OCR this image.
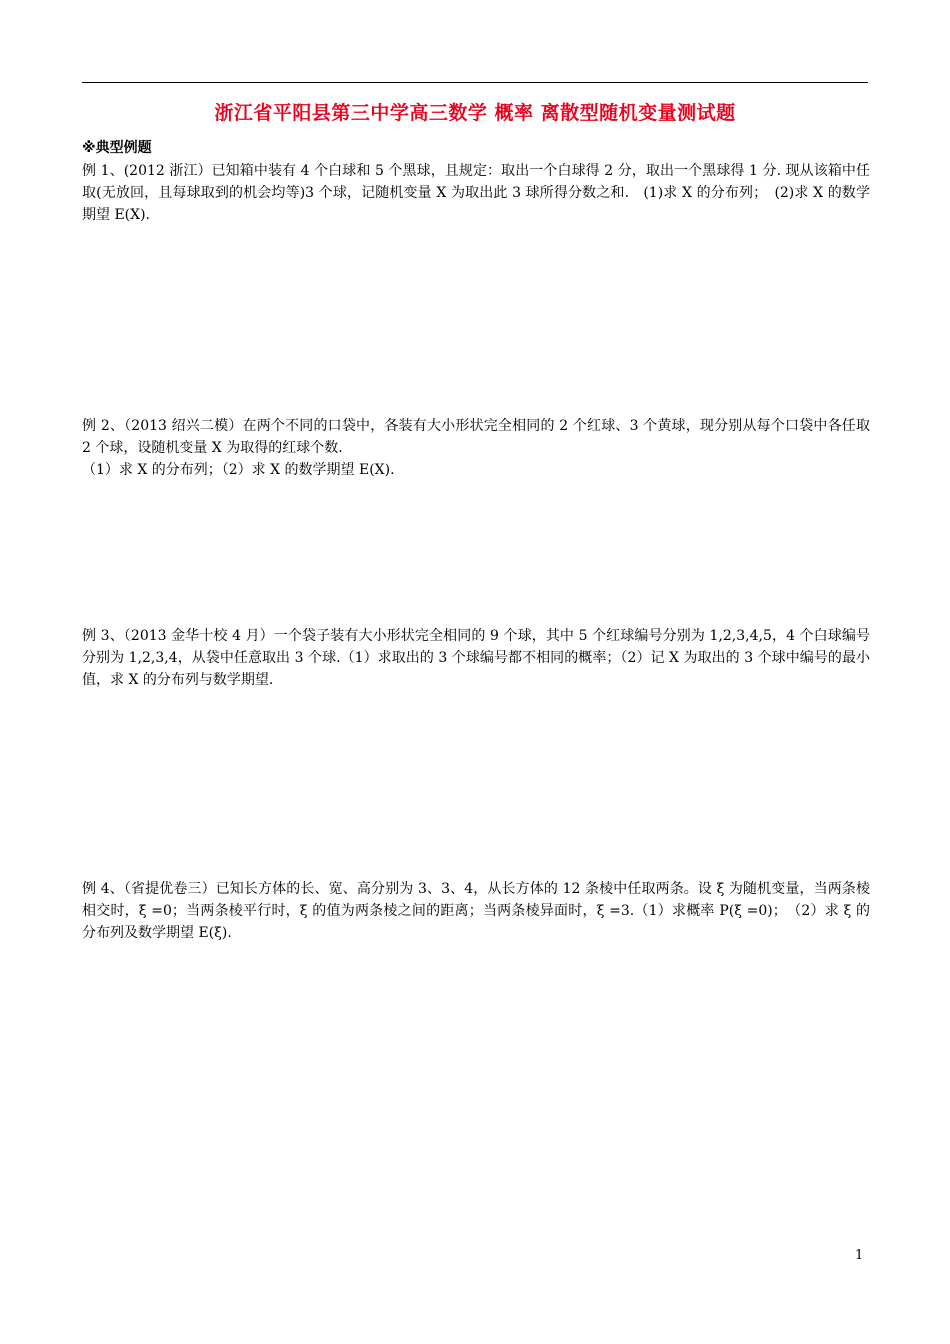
浙江省平阳县第三中学高三数学 概率 离散型随机变量测试题
※典型例题

例 1、(2012 浙江）已知箱中装有 4 个白球和 5 个黑球，且规定：取出一个白球得 2 分，取出一个黑球得 1 分. 现从该箱中任取(无放回，且每球取到的机会均等)3 个球，记随机变量 X 为取出此 3 球所得分数之和.　(1)求 X 的分布列；　(2)求 X 的数学期望 E(X).

例 2、（2013 绍兴二模）在两个不同的口袋中，各装有大小形状完全相同的 2 个红球、3 个黄球，现分别从每个口袋中各任取 2 个球，设随机变量 X 为取得的红球个数.

（1）求 X 的分布列；（2）求 X 的数学期望 E(X).

例 3、（2013 金华十校 4 月）一个袋子装有大小形状完全相同的 9 个球，其中 5 个红球编号分别为 1,2,3,4,5，4 个白球编号分别为 1,2,3,4，从袋中任意取出 3 个球.（1）求取出的 3 个球编号都不相同的概率；（2）记 X 为取出的 3 个球中编号的最小值，求 X 的分布列与数学期望.

例 4、（省提优卷三）已知长方体的长、宽、高分别为 3、3、4，从长方体的 12 条棱中任取两条。设 ξ 为随机变量，当两条棱相交时，ξ =0；当两条棱平行时，ξ 的值为两条棱之间的距离；当两条棱异面时，ξ =3.（1）求概率 P(ξ =0)；　（2）求 ξ 的分布列及数学期望 E(ξ).

1
